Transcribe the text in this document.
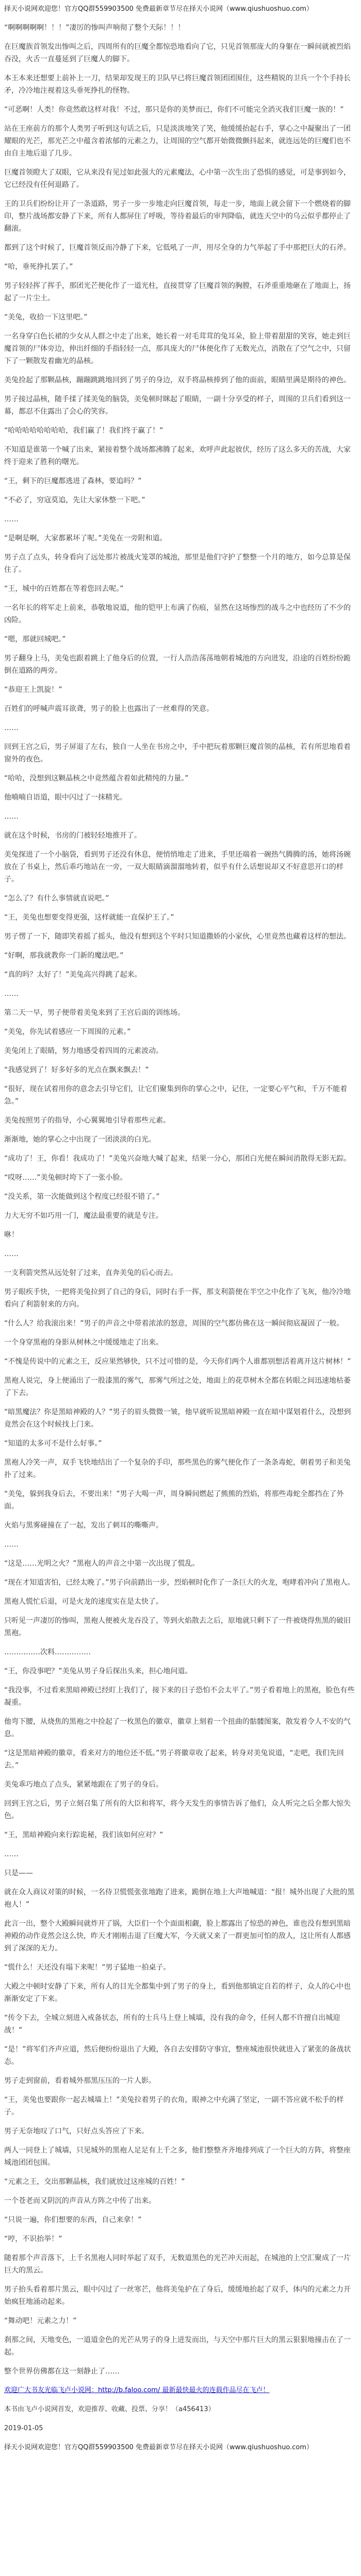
择天小说网欢迎您！官方QQ群559903500 免费最新章节尽在择天小说网（www.qiushuoshuo.com）

“啊啊啊啊啊！！！”凄厉的惨叫声响彻了整个天际！！！

在巨魔族首领发出惨叫之后，四周所有的巨魔全都惊恐地看向了它，只见首领那庞大的身躯在一瞬间就被烈焰吞没，火舌一直蔓延到了巨魔人的脚下。

本王本来还想要上前补上一刀，结果却发现王的卫队早已将巨魔首领团团围住，这些精锐的卫兵一个个手持长矛，冷冷地注视着这头垂死挣扎的怪物。

“可恶啊！人类！你竟然敢这样对我！不过，那只是你的美梦而已，你们不可能完全消灭我们巨魔一族的！”

站在王座前方的那个人类男子听到这句话之后，只是淡淡地笑了笑，他缓缓抬起右手，掌心之中凝聚出了一团耀眼的光芒，那光芒之中蕴含着浓郁的元素之力，让周围的空气都开始微微颤抖起来，就连远处的巨魔们也不由自主地后退了几步。

巨魔首领瞪大了双眼，它从来没有见过如此强大的元素魔法，心中第一次生出了恐惧的感觉，可是事到如今，它已经没有任何退路了。

王的卫兵们纷纷让开了一条道路，男子一步一步地走向巨魔首领，每走一步，地面上就会留下一个燃烧着的脚印，整片战场都安静了下来，所有人都屏住了呼吸，等待着最后的审判降临，就连天空中的乌云似乎都停止了翻滚。

都到了这个时候了，巨魔首领反而冷静了下来，它低吼了一声，用尽全身的力气举起了手中那把巨大的石斧。

“哈，垂死挣扎罢了。”

男子轻轻挥了挥手，那团光芒便化作了一道光柱，直接贯穿了巨魔首领的胸膛，石斧重重地砸在了地面上，扬起了一片尘土。

“美兔，收拾一下这里吧。”

一名身穿白色长裙的少女从人群之中走了出来，她长着一对毛茸茸的兔耳朵，脸上带着甜甜的笑容，她走到巨魔首领的尸体旁边，伸出纤细的手指轻轻一点，那具庞大的尸体便化作了无数光点，消散在了空气之中，只留下了一颗散发着幽光的晶核。

美兔捡起了那颗晶核，蹦蹦跳跳地回到了男子的身边，双手将晶核捧到了他的面前，眼睛里满是期待的神色。

男子接过晶核，随手揉了揉美兔的脑袋，美兔顿时眯起了眼睛，一副十分享受的样子，周围的卫兵们看到这一幕，都忍不住露出了会心的笑容。

“哈哈哈哈哈哈哈哈，我们赢了！我们终于赢了！”

不知道是谁第一个喊了出来，紧接着整个战场都沸腾了起来，欢呼声此起彼伏，经历了这么多天的苦战，大家终于迎来了胜利的曙光。

“王，剩下的巨魔都逃进了森林，要追吗？”

“不必了，穷寇莫追，先让大家休整一下吧。”

……

“是啊是啊，大家都累坏了呢。”美兔在一旁附和道。

男子点了点头，转身看向了远处那片被战火笼罩的城池，那里是他们守护了整整一个月的地方，如今总算是保住了。

“王，城中的百姓都在等着您回去呢。”

一名年长的将军走上前来，恭敬地说道，他的铠甲上布满了伤痕，显然在这场惨烈的战斗之中也经历了不少的凶险。

“嗯，那就回城吧。”

男子翻身上马，美兔也跟着跳上了他身后的位置，一行人浩浩荡荡地朝着城池的方向进发，沿途的百姓纷纷跪倒在道路的两旁。

“恭迎王上凯旋！”

百姓们的呼喊声震耳欲聋，男子的脸上也露出了一丝难得的笑意。

……

回到王宫之后，男子屏退了左右，独自一人坐在书房之中，手中把玩着那颗巨魔首领的晶核，若有所思地看着窗外的夜色。

“哈哈，没想到这颗晶核之中竟然蕴含着如此精纯的力量。”

他喃喃自语道，眼中闪过了一抹精光。

……

就在这个时候，书房的门被轻轻地推开了。

美兔探进了一个小脑袋，看到男子还没有休息，便悄悄地走了进来，手里还端着一碗热气腾腾的汤，她将汤碗放在了书桌上，然后乖巧地站在一旁，一双大眼睛滴溜溜地转着，似乎有什么话想说却又不好意思开口的样子。

“怎么了？有什么事情就直说吧。”

“王，美兔也想要变得更强，这样就能一直保护王了。”

男子愣了一下，随即笑着摇了摇头，他没有想到这个平时只知道撒娇的小家伙，心里竟然也藏着这样的想法。

“好啊，那我就教你一门新的魔法吧。”

“真的吗？太好了！”美兔高兴得跳了起来。

……

第二天一早，男子便带着美兔来到了王宫后面的训练场。

“美兔，你先试着感应一下周围的元素。”

美兔闭上了眼睛，努力地感受着四周的元素波动。

“我感觉到了！好多好多的光点在飘来飘去！”

“很好，现在试着用你的意念去引导它们，让它们聚集到你的掌心之中，记住，一定要心平气和，千万不能着急。”

美兔按照男子的指导，小心翼翼地引导着那些元素。

渐渐地，她的掌心之中出现了一团淡淡的白光。

“成功了！王，你看！我成功了！”美兔兴奋地大喊了起来，结果一分心，那团白光便在瞬间消散得无影无踪。

“哎呀……”美兔顿时垮下了一张小脸。

“没关系，第一次能做到这个程度已经很不错了。”

力大无穷不如巧用一门，魔法最重要的就是专注。

咻！

……

一支利箭突然从远处射了过来，直奔美兔的后心而去。

男子眼疾手快，一把将美兔拉到了自己的身后，同时右手一挥，那支利箭便在半空之中化作了飞灰，他冷冷地看向了利箭射来的方向。

“什么人？给我滚出来！”男子的声音之中带着浓浓的怒意，周围的空气都仿佛在这一瞬间彻底凝固了一般。

一个身穿黑袍的身影从树林之中缓缓地走了出来。

“不愧是传说中的元素之王，反应果然够快，只不过可惜的是，今天你们两个人谁都别想活着离开这片树林！”

黑袍人说完，身上便涌出了一股漆黑的雾气，那雾气所过之处，地面上的花草树木全都在转眼之间迅速地枯萎了下去。

“暗黑魔法？你是黑暗神殿的人？”男子的眉头微微一皱，他早就听说黑暗神殿一直在暗中谋划着什么，没想到竟然会在这个时候找上门来。

“知道的太多可不是什么好事。”

黑袍人冷笑一声，双手飞快地结出了一个复杂的手印，那些黑色的雾气便化作了一条条毒蛇，朝着男子和美兔扑了过来。

“美兔，躲到我身后去，不要出来！”男子大喝一声，周身瞬间燃起了熊熊的烈焰，将那些毒蛇全都挡在了外面。

火焰与黑雾碰撞在了一起，发出了刺耳的嘶嘶声。

……

“这是……光明之火？”黑袍人的声音之中第一次出现了慌乱。

“现在才知道害怕，已经太晚了。”男子向前踏出一步，烈焰顿时化作了一条巨大的火龙，咆哮着冲向了黑袍人。

黑袍人慌忙后退，可是火龙的速度实在是太快了。

只听见一声凄厉的惨叫，黑袍人便被火龙吞没了，等到火焰散去之后，原地就只剩下了一件被烧得焦黑的破旧黑袍。

……………次料……………

“王，你没事吧？”美兔从男子身后探出头来，担心地问道。

“我没事，不过看来黑暗神殿已经盯上我们了，接下来的日子恐怕不会太平了。”男子看着地上的黑袍，脸色有些凝重。

他弯下腰，从烧焦的黑袍之中捡起了一枚黑色的徽章，徽章上刻着一个扭曲的骷髅图案，散发着令人不安的气息。

“这是黑暗神殿的徽章，看来对方的地位还不低。”男子将徽章收了起来，转身对美兔说道，“走吧，我们先回去。”

美兔乖巧地点了点头，紧紧地跟在了男子的身后。

回到王宫之后，男子立刻召集了所有的大臣和将军，将今天发生的事情告诉了他们，众人听完之后全都大惊失色。

“王，黑暗神殿向来行踪诡秘，我们该如何应对？”

……

只是——

就在众人商议对策的时候，一名侍卫慌慌张张地跑了进来，跪倒在地上大声地喊道：“报！城外出现了大批的黑袍人！”

此言一出，整个大殿瞬间就炸开了锅，大臣们一个个面面相觑，脸上都露出了惊恐的神色，谁也没有想到黑暗神殿的动作竟然会这么快，昨天才刚刚击退了巨魔大军，今天就又来了一群更加可怕的敌人，这让所有人都感到了深深的无力。

“慌什么！天还没有塌下来呢！”男子猛地一拍桌子。

大殿之中顿时安静了下来，所有人的目光全都集中到了男子的身上，看到他那镇定自若的样子，众人的心中也渐渐安定了下来。

“传令下去，全城立刻进入戒备状态，所有的士兵马上登上城墙，没有我的命令，任何人都不许擅自出城迎战！”

“是！”将军们齐声应道，然后便纷纷退出了大殿，各自去安排防守事宜，整座城池很快就进入了紧张的备战状态。

男子走到窗前，看着城外那黑压压的一片人影。

“王，美兔也要跟你一起去城墙上！”美兔拉着男子的衣角，眼神之中充满了坚定，一副不答应就不松手的样子。

男子无奈地叹了口气，只好点头答应了下来。

两人一同登上了城墙，只见城外的黑袍人足足有上千之多，他们整整齐齐地排列成了一个巨大的方阵，将整座城池团团包围。

“元素之王，交出那颗晶核，我们就放过这座城的百姓！”

一个苍老而又阴沉的声音从方阵之中传了出来。

“只说一遍，你们想要的东西，自己来拿！”

“哼，不识抬举！”

随着那个声音落下，上千名黑袍人同时举起了双手，无数道黑色的光芒冲天而起，在城池的上空汇聚成了一片巨大的黑云。

男子抬头看着那片黑云，眼中闪过了一丝寒芒，他将美兔护在了身后，缓缓地抬起了双手，体内的元素之力开始疯狂地涌动起来。

“舞动吧！元素之力！”

刹那之间，天地变色，一道道金色的光芒从男子的身上迸发而出，与天空中那片巨大的黑云狠狠地撞击在了一起。

整个世界仿佛都在这一刻静止了……

欢迎广大书友光临飞卢小说网：http://b.faloo.com/ 最新最快最火的连载作品尽在飞卢！
本书由飞卢小说网首发，欢迎推荐、收藏、投票、分享！（a456413）
2019-01-05
择天小说网欢迎您！官方QQ群559903500 免费最新章节尽在择天小说网（www.qiushuoshuo.com）
